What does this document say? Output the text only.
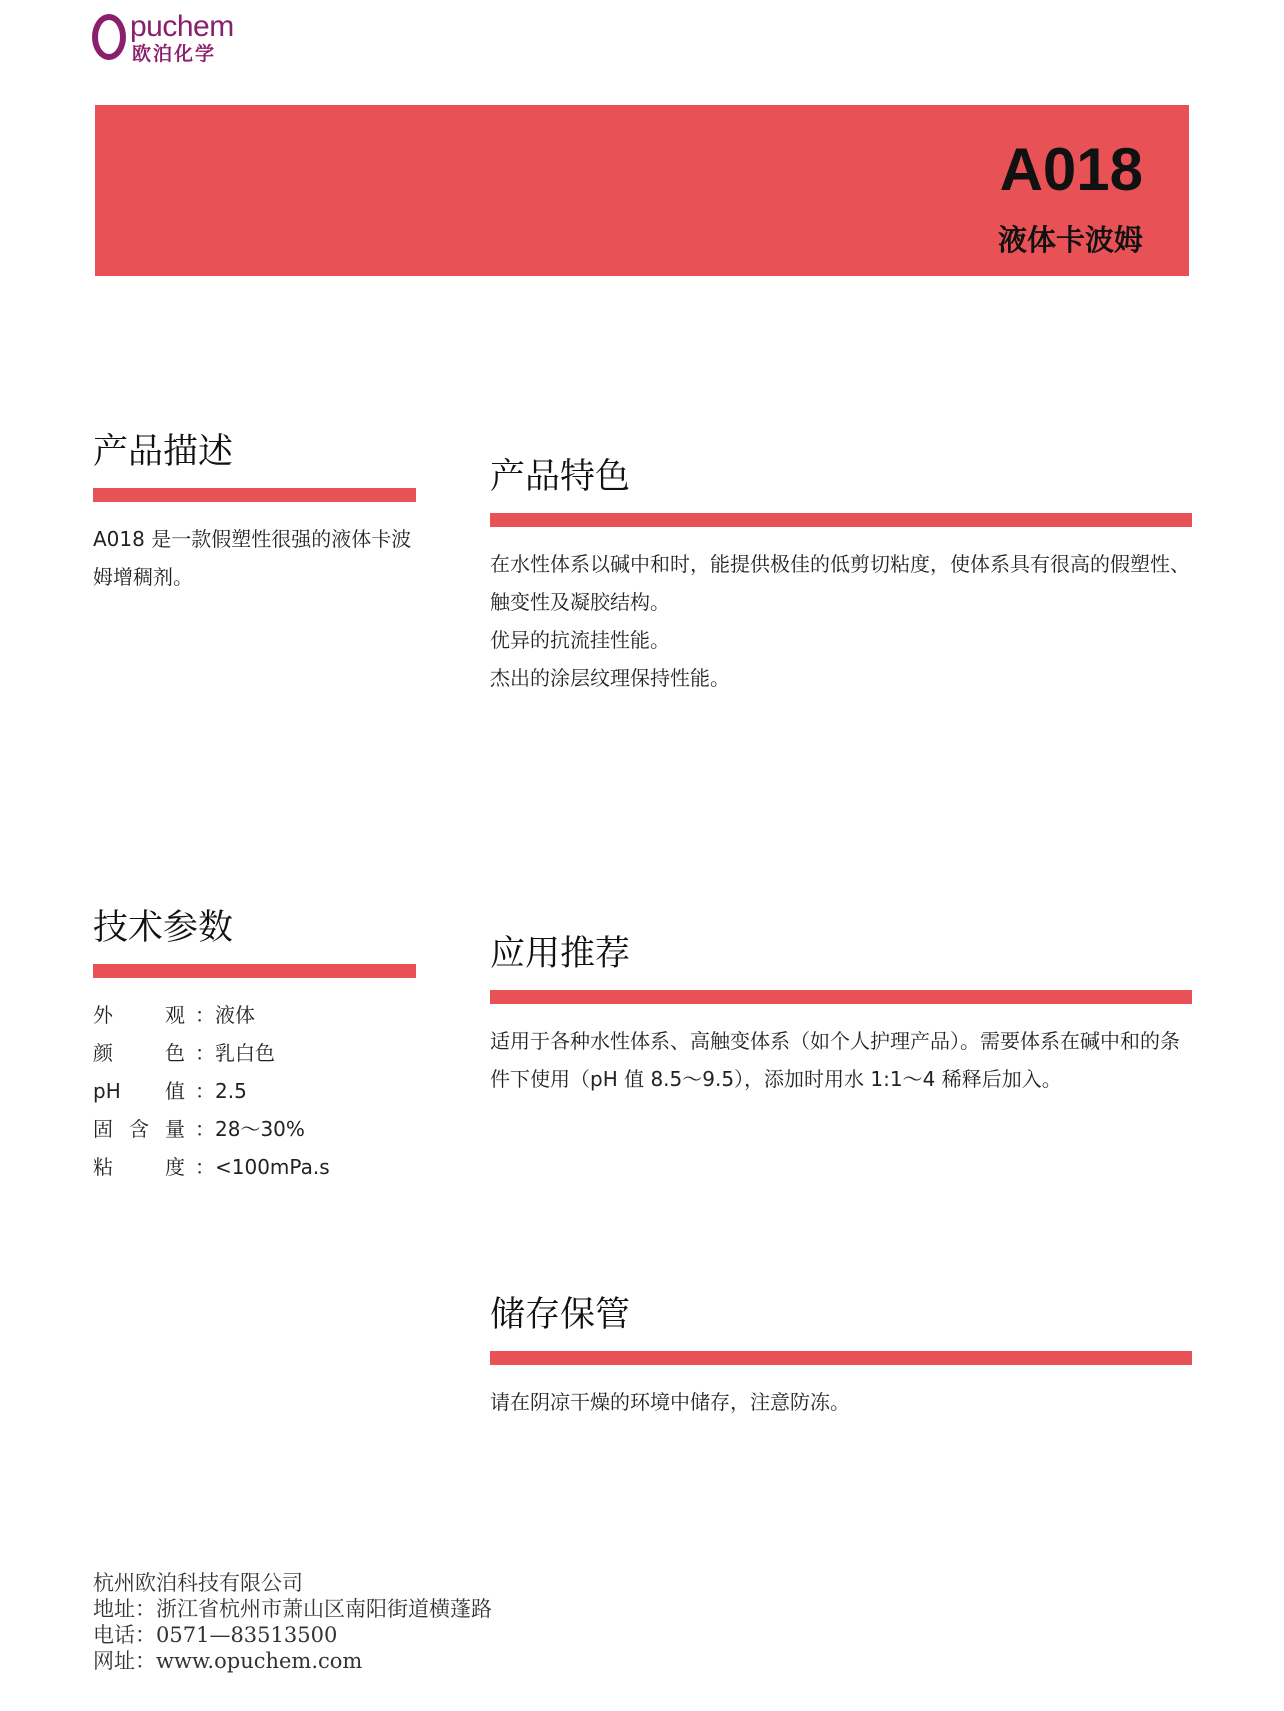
puchem
欧泊化学
A018
液体卡波姆
产品描述
A018 是一款假塑性很强的液体卡波姆增稠剂。
产品特色

在水性体系以碱中和时，能提供极佳的低剪切粘度，使体系具有很高的假塑性、触变性及凝胶结构。

优异的抗流挂性能。

杰出的涂层纹理保持性能。

技术参数
外	观 ：液体
颜	色 ：乳白色
pH 值 ：2.5
固 含 量 ：28～30%
粘	度 ：<100mPa.s
应用推荐
适用于各种水性体系、高触变体系（如个人护理产品）。需要体系在碱中和的条件下使用（pH 值 8.5～9.5），添加时用水 1:1～4 稀释后加入。
储存保管
请在阴凉干燥的环境中储存，注意防冻。
杭州欧泊科技有限公司
地址：浙江省杭州市萧山区南阳街道横蓬路
电话：0571—83513500
网址：www.opuchem.com
